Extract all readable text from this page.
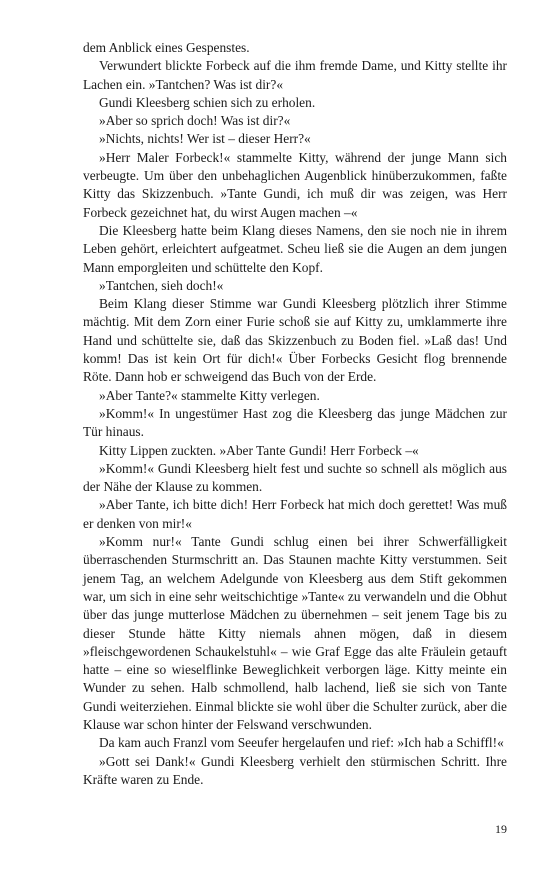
dem Anblick eines Gespenstes.

Verwundert blickte Forbeck auf die ihm fremde Dame, und Kitty stellte ihr Lachen ein. »Tantchen? Was ist dir?«

Gundi Kleesberg schien sich zu erholen.

»Aber so sprich doch! Was ist dir?«

»Nichts, nichts! Wer ist – dieser Herr?«

»Herr Maler Forbeck!« stammelte Kitty, während der junge Mann sich verbeugte. Um über den unbehaglichen Augenblick hinüberzukommen, faßte Kitty das Skizzenbuch. »Tante Gundi, ich muß dir was zeigen, was Herr Forbeck gezeichnet hat, du wirst Augen machen –«

Die Kleesberg hatte beim Klang dieses Namens, den sie noch nie in ihrem Leben gehört, erleichtert aufgeatmet. Scheu ließ sie die Augen an dem jungen Mann emporgleiten und schüttelte den Kopf.

»Tantchen, sieh doch!«

Beim Klang dieser Stimme war Gundi Kleesberg plötzlich ihrer Stimme mächtig. Mit dem Zorn einer Furie schoß sie auf Kitty zu, umklammerte ihre Hand und schüttelte sie, daß das Skizzenbuch zu Boden fiel. »Laß das! Und komm! Das ist kein Ort für dich!« Über Forbecks Gesicht flog brennende Röte. Dann hob er schweigend das Buch von der Erde.

»Aber Tante?« stammelte Kitty verlegen.

»Komm!« In ungestümer Hast zog die Kleesberg das junge Mädchen zur Tür hinaus.

Kitty Lippen zuckten. »Aber Tante Gundi! Herr Forbeck –«

»Komm!« Gundi Kleesberg hielt fest und suchte so schnell als möglich aus der Nähe der Klause zu kommen.

»Aber Tante, ich bitte dich! Herr Forbeck hat mich doch gerettet! Was muß er denken von mir!«

»Komm nur!« Tante Gundi schlug einen bei ihrer Schwerfälligkeit überraschenden Sturmschritt an. Das Staunen machte Kitty verstummen. Seit jenem Tag, an welchem Adelgunde von Kleesberg aus dem Stift gekommen war, um sich in eine sehr weitschichtige »Tante« zu verwandeln und die Obhut über das junge mutterlose Mädchen zu übernehmen – seit jenem Tage bis zu dieser Stunde hätte Kitty niemals ahnen mögen, daß in diesem »fleischgewordenen Schaukelstuhl« – wie Graf Egge das alte Fräulein getauft hatte – eine so wieselflinke Beweglichkeit verborgen läge. Kitty meinte ein Wunder zu sehen. Halb schmollend, halb lachend, ließ sie sich von Tante Gundi weiterziehen. Einmal blickte sie wohl über die Schulter zurück, aber die Klause war schon hinter der Felswand verschwunden.

Da kam auch Franzl vom Seeufer hergelaufen und rief: »Ich hab a Schiffl!«

»Gott sei Dank!« Gundi Kleesberg verhielt den stürmischen Schritt. Ihre Kräfte waren zu Ende.

19
